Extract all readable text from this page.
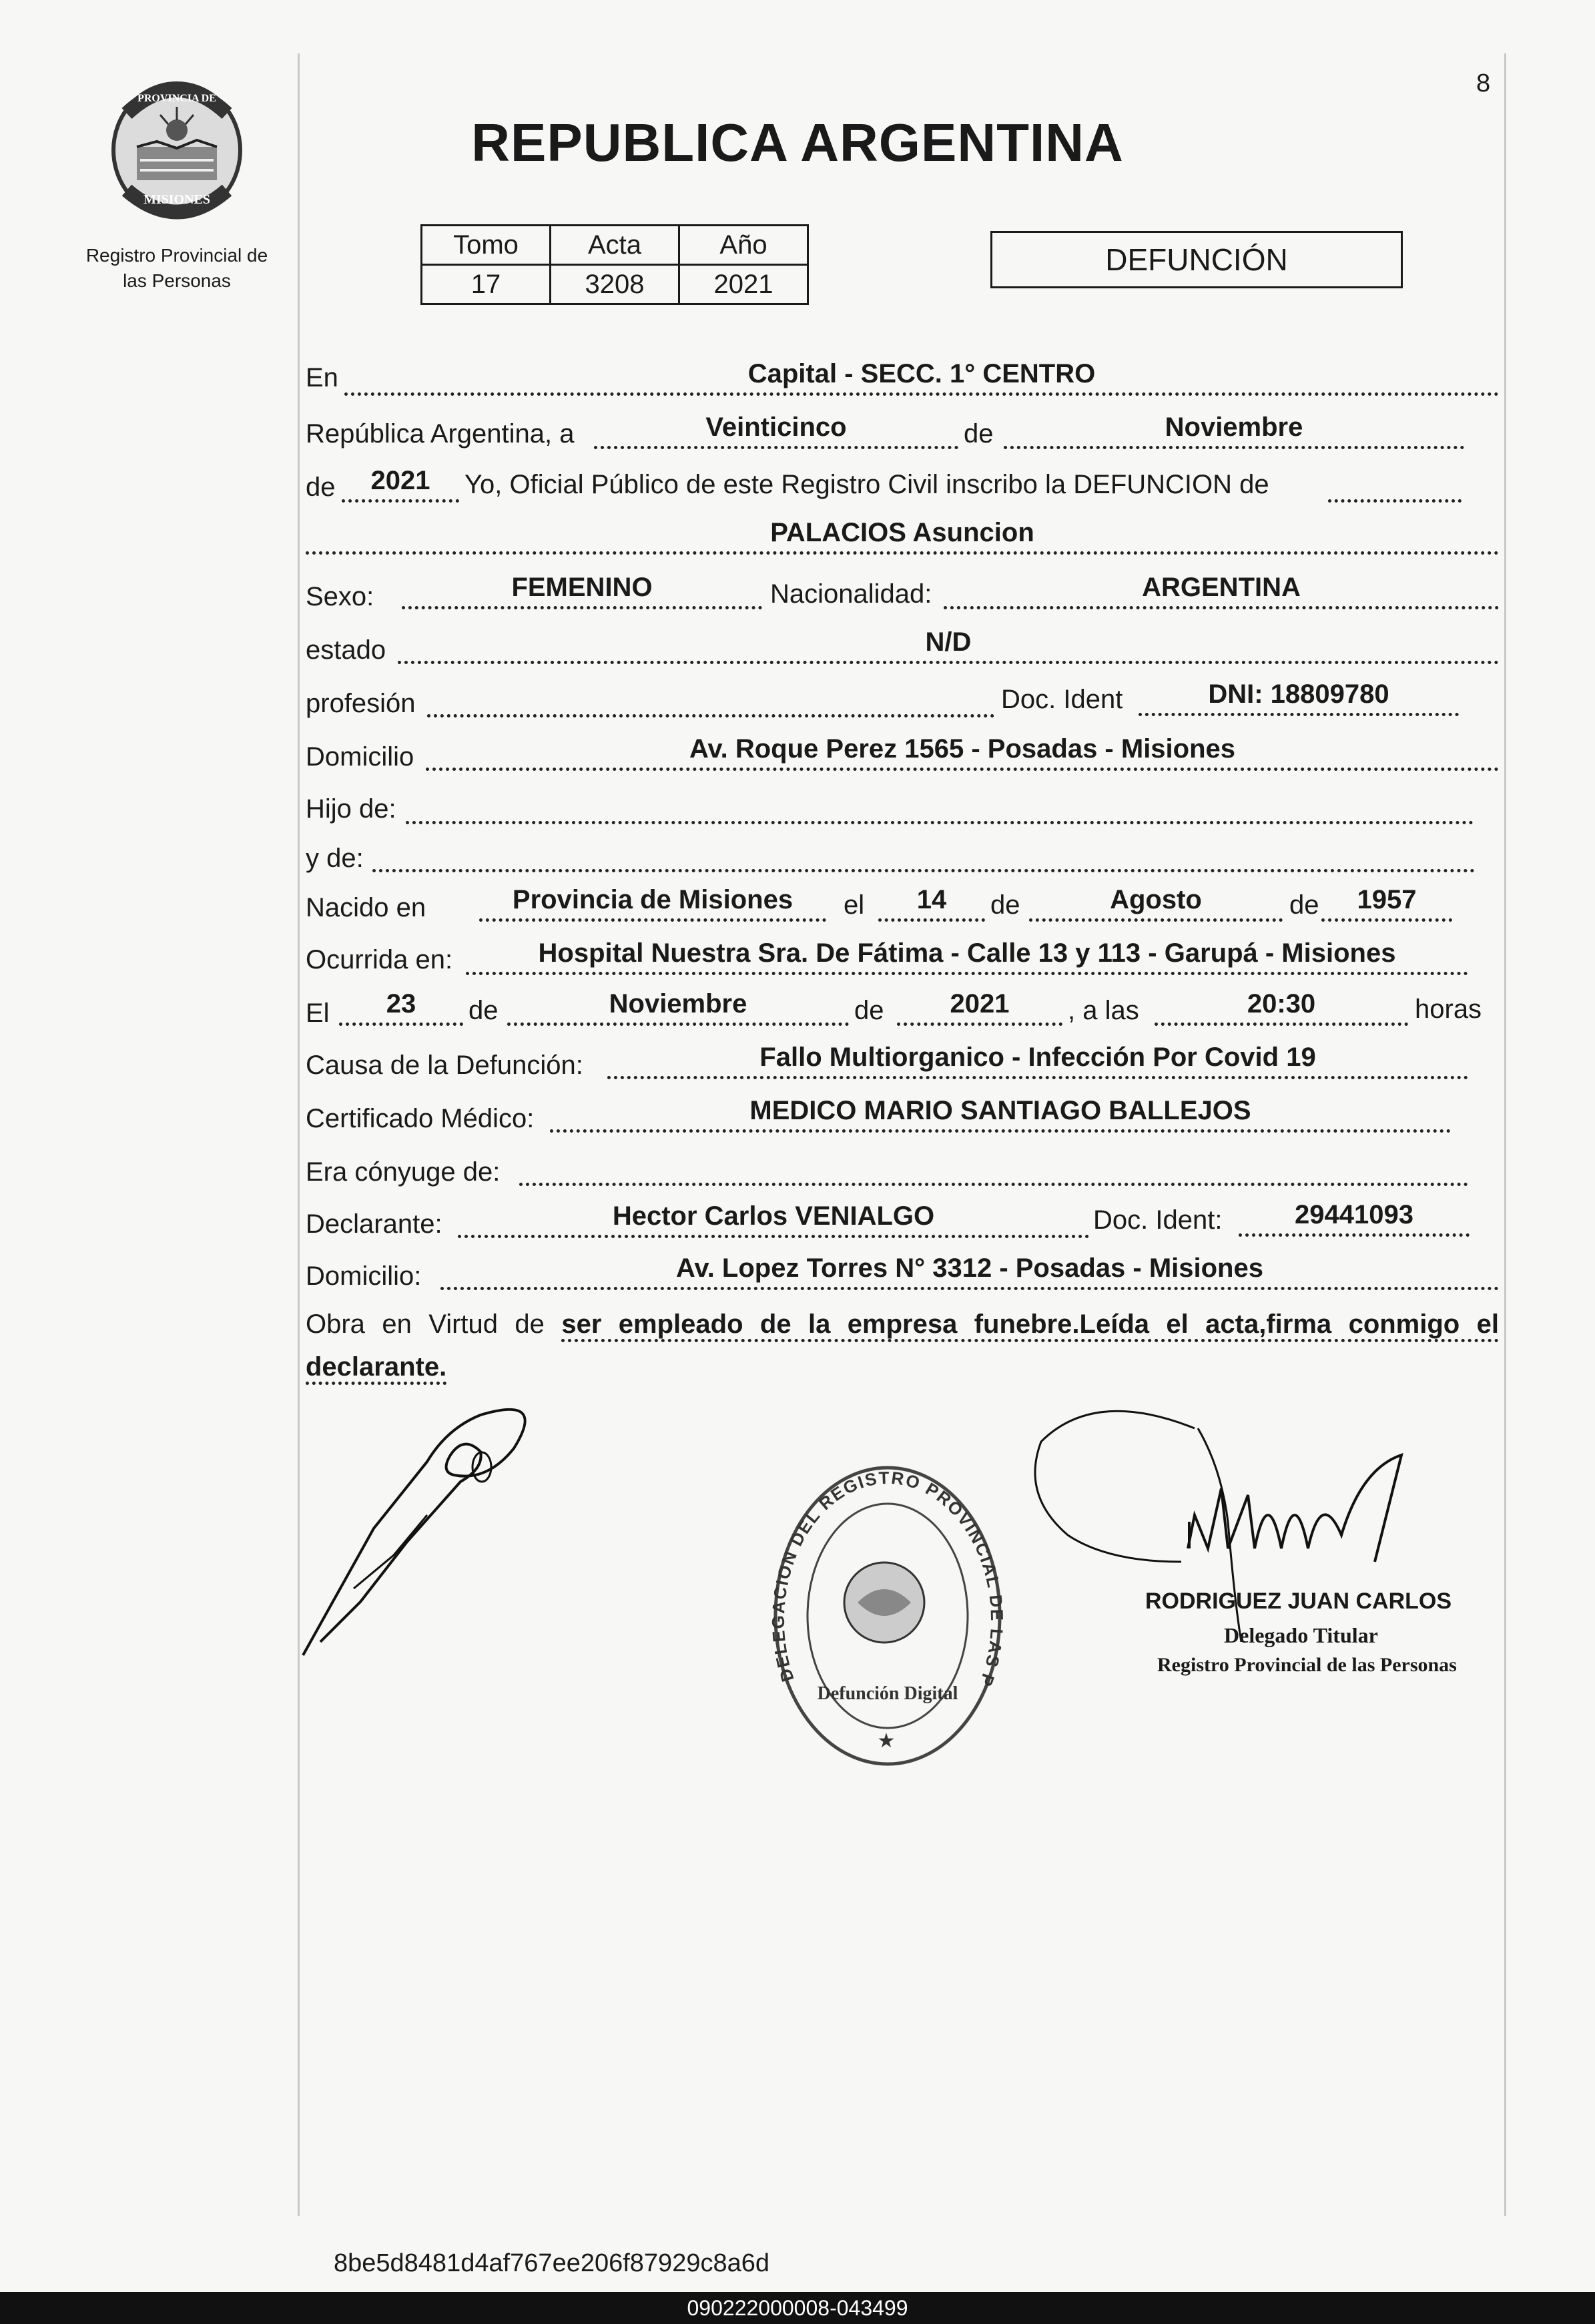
8
REPUBLICA ARGENTINA
PROVINCIA DE
MISIONES
Registro Provincial de
las Personas
Tomo	Acta	Año
17	3208	2021
DEFUNCIÓN
En	Capital - SECC. 1° CENTRO
República Argentina, a	Veinticinco	de	Noviembre
de	2021	Yo, Oficial Público de este Registro Civil inscribo la DEFUNCION de
PALACIOS Asuncion
Sexo:	FEMENINO	Nacionalidad:	ARGENTINA
estado	N/D
profesión	Doc. Ident	DNI: 18809780
Domicilio	Av. Roque Perez 1565 - Posadas - Misiones
Hijo de:
y de:
Nacido en	Provincia de Misiones	el	14	de	Agosto	de	1957
Ocurrida en:	Hospital Nuestra Sra. De Fátima - Calle 13 y 113 - Garupá - Misiones
El	23	de	Noviembre	de	2021	, a las	20:30	horas
Causa de la Defunción:	Fallo Multiorganico - Infección Por Covid 19
Certificado Médico:	MEDICO MARIO SANTIAGO BALLEJOS
Era cónyuge de:
Declarante:	Hector Carlos VENIALGO	Doc. Ident:	29441093
Domicilio:	Av. Lopez Torres N° 3312 - Posadas - Misiones
Obra en Virtud de ser empleado de la empresa funebre.Leída el acta,firma conmigo el declarante.
DELEGACION DEL REGISTRO PROVINCIAL DE LAS P
Defunción Digital
★
RODRIGUEZ JUAN CARLOS
Delegado Titular
Registro Provincial de las Personas
8be5d8481d4af767ee206f87929c8a6d
090222000008-043499
